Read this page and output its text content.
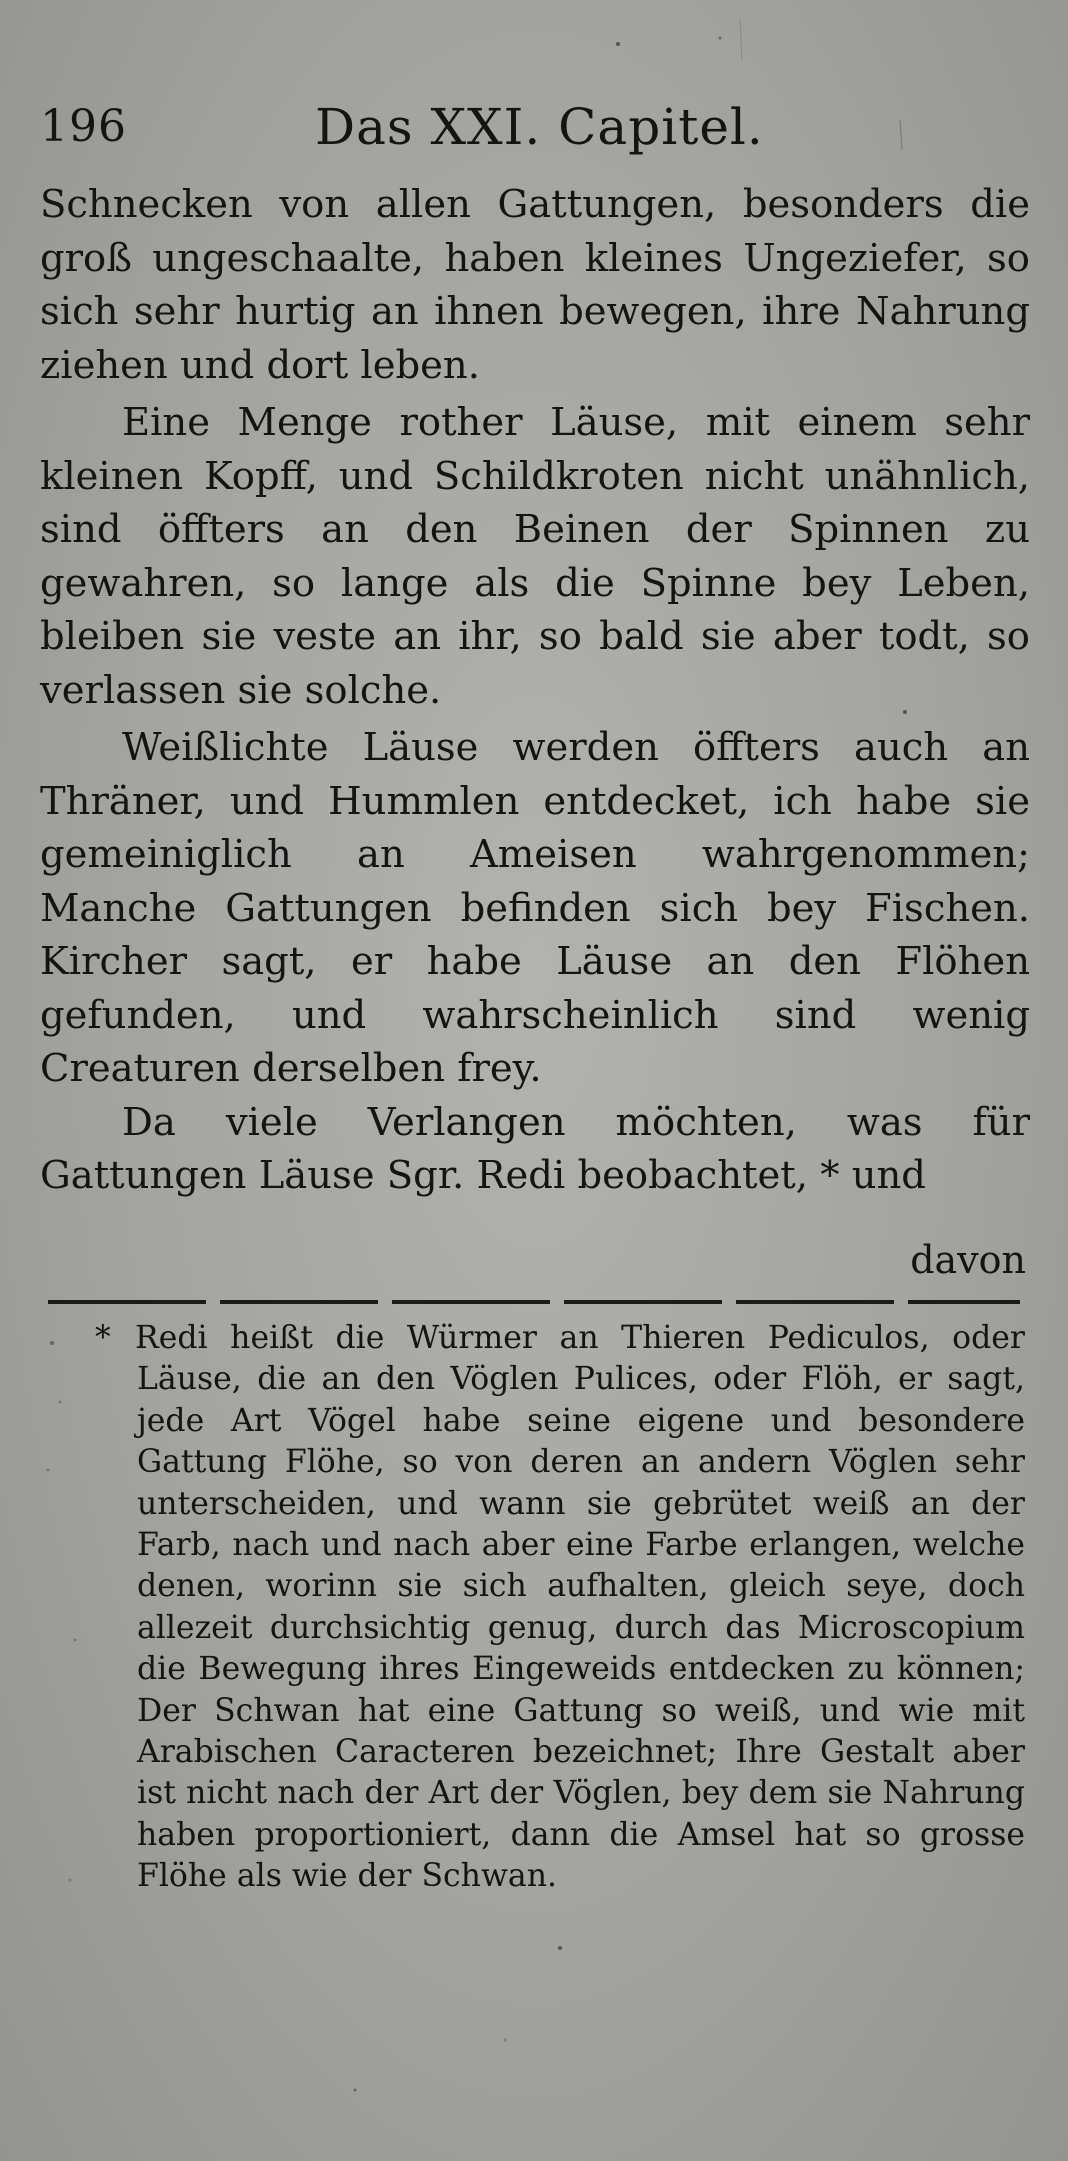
196	Das XXI. Capitel.

Schnecken von allen Gattungen, besonders die groß ungeschaalte, haben kleines Ungeziefer, so sich sehr hurtig an ihnen bewegen, ihre Nahrung ziehen und dort leben.

Eine Menge rother Läuse, mit einem sehr kleinen Kopff, und Schildkroten nicht unähnlich, sind öffters an den Beinen der Spinnen zu gewahren, so lange als die Spinne bey Leben, bleiben sie veste an ihr, so bald sie aber todt, so verlassen sie solche.

Weißlichte Läuse werden öffters auch an Thräner, und Hummlen entdecket, ich habe sie gemeiniglich an Ameisen wahrgenommen; Manche Gattungen befinden sich bey Fischen. Kircher sagt, er habe Läuse an den Flöhen gefunden, und wahrscheinlich sind wenig Creaturen derselben frey.

Da viele Verlangen möchten, was für Gattungen Läuse Sgr. Redi beobachtet, * und

davon

* Redi heißt die Würmer an Thieren Pediculos, oder Läuse, die an den Vöglen Pulices, oder Flöh, er sagt, jede Art Vögel habe seine eigene und besondere Gattung Flöhe, so von deren an andern Vöglen sehr unterscheiden, und wann sie gebrütet weiß an der Farb, nach und nach aber eine Farbe erlangen, welche denen, worinn sie sich aufhalten, gleich seye, doch allezeit durchsichtig genug, durch das Microscopium die Bewegung ihres Eingeweids entdecken zu können; Der Schwan hat eine Gattung so weiß, und wie mit Arabischen Caracteren bezeichnet; Ihre Gestalt aber ist nicht nach der Art der Vöglen, bey dem sie Nahrung haben proportioniert, dann die Amsel hat so grosse Flöhe als wie der Schwan.
